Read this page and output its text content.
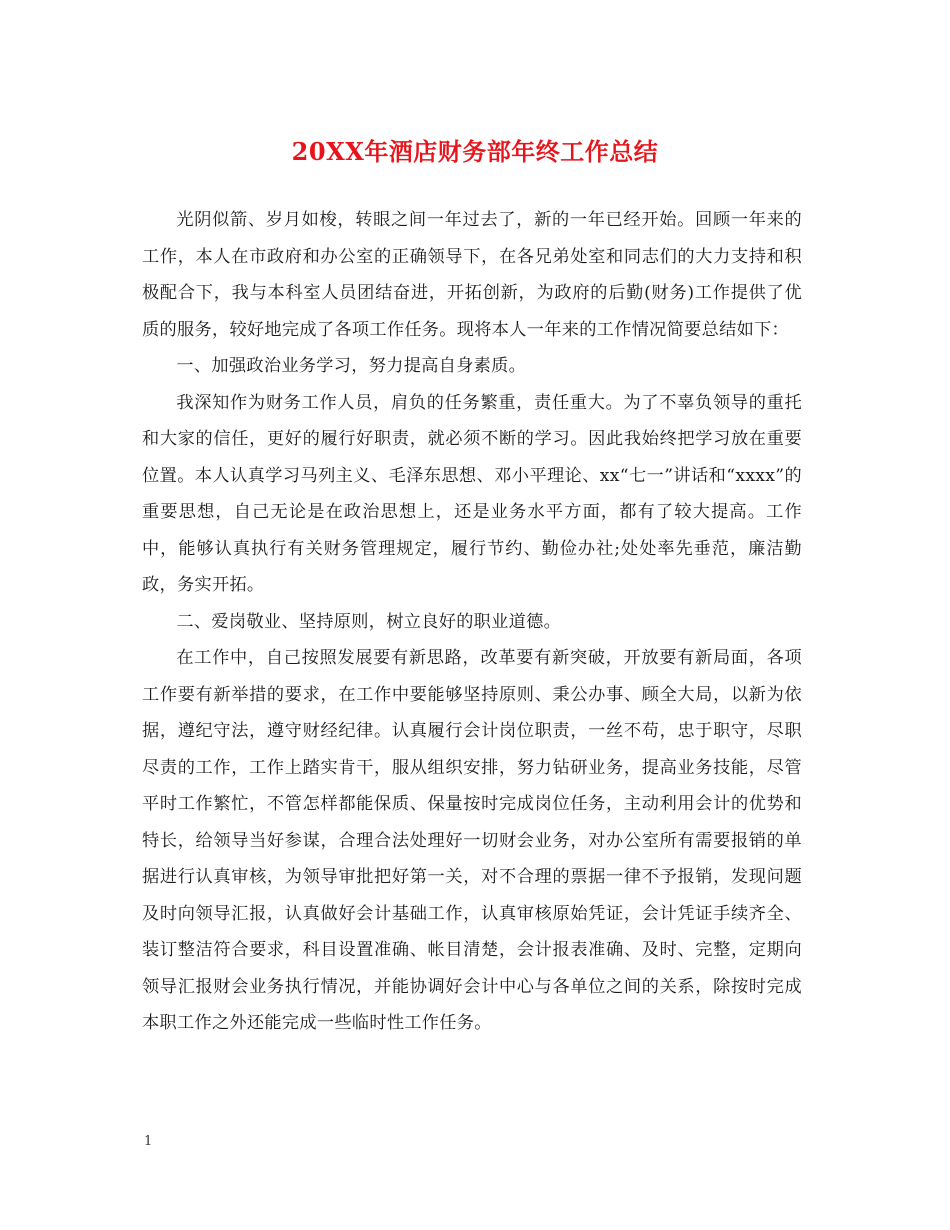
20XX年酒店财务部年终工作总结

光阴似箭、岁月如梭，转眼之间一年过去了，新的一年已经开始。回顾一年来的工作，本人在市政府和办公室的正确领导下，在各兄弟处室和同志们的大力支持和积极配合下，我与本科室人员团结奋进，开拓创新，为政府的后勤(财务)工作提供了优质的服务，较好地完成了各项工作任务。现将本人一年来的工作情况简要总结如下：

一、加强政治业务学习，努力提高自身素质。

我深知作为财务工作人员，肩负的任务繁重，责任重大。为了不辜负领导的重托和大家的信任，更好的履行好职责，就必须不断的学习。因此我始终把学习放在重要位置。本人认真学习马列主义、毛泽东思想、邓小平理论、xx“七一”讲话和“xxxx”的重要思想，自己无论是在政治思想上，还是业务水平方面，都有了较大提高。工作中，能够认真执行有关财务管理规定，履行节约、勤俭办社;处处率先垂范，廉洁勤政，务实开拓。

二、爱岗敬业、坚持原则，树立良好的职业道德。

在工作中，自己按照发展要有新思路，改革要有新突破，开放要有新局面，各项工作要有新举措的要求，在工作中要能够坚持原则、秉公办事、顾全大局，以新为依据，遵纪守法，遵守财经纪律。认真履行会计岗位职责，一丝不苟，忠于职守，尽职尽责的工作，工作上踏实肯干，服从组织安排，努力钻研业务，提高业务技能，尽管平时工作繁忙，不管怎样都能保质、保量按时完成岗位任务，主动利用会计的优势和特长，给领导当好参谋，合理合法处理好一切财会业务，对办公室所有需要报销的单据进行认真审核，为领导审批把好第一关，对不合理的票据一律不予报销，发现问题及时向领导汇报，认真做好会计基础工作，认真审核原始凭证，会计凭证手续齐全、装订整洁符合要求，科目设置准确、帐目清楚，会计报表准确、及时、完整，定期向领导汇报财会业务执行情况，并能协调好会计中心与各单位之间的关系，除按时完成本职工作之外还能完成一些临时性工作任务。

1
